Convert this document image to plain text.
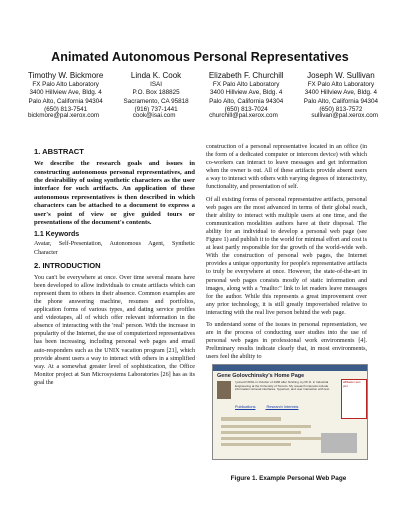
Animated Autonomous Personal Representatives
Timothy W. Bickmore
FX Palo Alto Laboratory
3400 Hillview Ave, Bldg. 4
Palo Alto, California 94304
(650) 813-7541
Linda K. Cook
ISAI
P.O. Box 188825
Sacramento, CA 95818
(916) 737-1441
Elizabeth F. Churchill
FX Palo Alto Laboratory
3400 Hillview Ave, Bldg. 4
Palo Alto, California 94304
(650) 813-7024
Joseph W. Sullivan
FX Palo Alto Laboratory
3400 Hillview Ave, Bldg. 4
Palo Alto, California 94304
(650) 813-7572
bickmore@pal.xerox.com	cook@isai.com	churchill@pal.xerox.com	sullivan@pal.xerox.com
1. ABSTRACT

We describe the research goals and issues in constructing autonomous personal representatives, and the desirability of using synthetic characters as the user interface for such artifacts. An application of these autonomous representatives is then described in which characters can be attached to a document to express a user's point of view or give guided tours or presentations of the document's contents.

1.1 Keywords

Avatar, Self-Presentation, Autonomous Agent, Synthetic Character

2. INTRODUCTION

You can't be everywhere at once. Over time several means have been developed to allow individuals to create artifacts which can represent them to others in their absence. Common examples are the phone answering machine, resumes and portfolios, application forms of various types, and dating service profiles and videotapes, all of which offer relevant information in the absence of interacting with the 'real' person. With the increase in popularity of the Internet, the use of computerized representatives has been increasing, including personal web pages and email auto-responders such as the UNIX vacation program [21], which provide absent users a way to interact with others in a simplified way. At a somewhat greater level of sophistication, the Office Monitor project at Sun Microsystems Laboratories [26] has as its goal the

construction of a personal representative located in an office (in the form of a dedicated computer or intercom device) with which co-workers can interact to leave messages and get information when the owner is out. All of these artifacts provide absent users a way to interact with others with varying degrees of interactivity, functionality, and presentation of self.

Of all existing forms of personal representative artifacts, personal web pages are the most advanced in terms of their global reach, their ability to interact with multiple users at one time, and the communication modalities authors have at their disposal. The ability for an individual to develop a personal web page (see Figure 1) and publish it to the world for minimal effort and cost is at least partly responsible for the growth of the world-wide web. With the construction of personal web pages, the Internet provides a unique opportunity for people's representative artifacts to truly be everywhere at once. However, the state-of-the-art in personal web pages consists mostly of static information and images, along with a "mailto:" link to let readers leave messages for the author. While this represents a great improvement over any prior technology, it is still greatly impoverished relative to interacting with the real live person behind the web page.

To understand some of the issues in personal representation, we are in the process of conducting user studies into the use of personal web pages in professional work environments [4]. Preliminary results indicate clearly that, in most environments, users feel the ability to

Gene Golovchinsky's Home Page
I joined FXPAL in October of 1996 after finishing my Ph.D. in Industrial Engineering at the University of Toronto. My research interests include information retrieval interfaces, hypertext, and user interaction with text.
affiliation text pict
Publications	Research Interests
Figure 1. Example Personal Web Page
